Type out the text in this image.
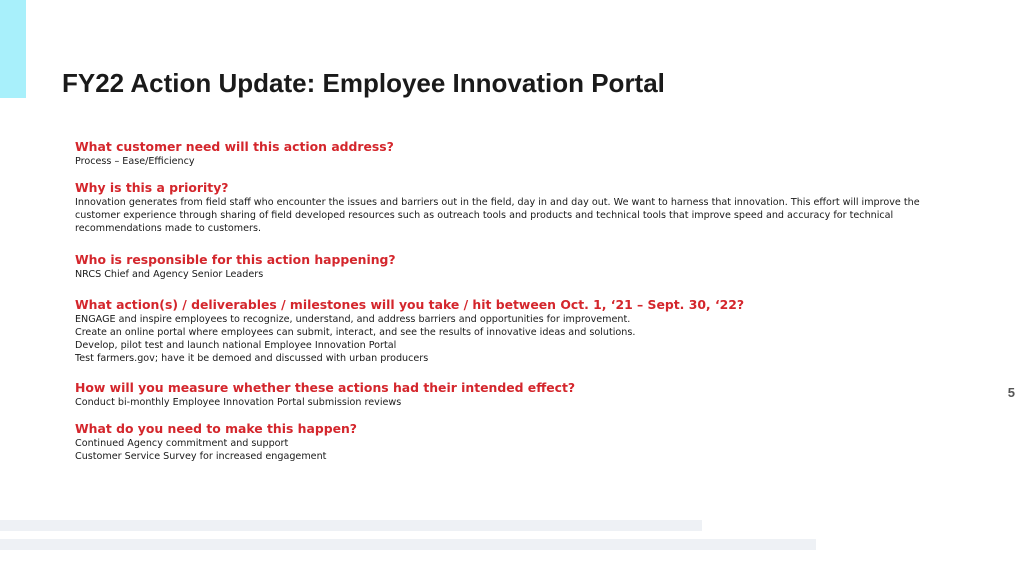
FY22 Action Update: Employee Innovation Portal
What customer need will this action address?
Process – Ease/Efficiency
Why is this a priority?
Innovation generates from field staff who encounter the issues and barriers out in the field, day in and day out. We want to harness that innovation. This effort will improve the customer experience through sharing of field developed resources such as outreach tools and products and technical tools that improve speed and accuracy for technical recommendations made to customers.
Who is responsible for this action happening?
NRCS Chief and Agency Senior Leaders
What action(s) / deliverables / milestones will you take / hit between Oct. 1, ‘21 – Sept. 30, ‘22?
ENGAGE and inspire employees to recognize, understand, and address barriers and opportunities for improvement.
Create an online portal where employees can submit, interact, and see the results of innovative ideas and solutions.
Develop, pilot test and launch national Employee Innovation Portal
Test farmers.gov; have it be demoed and discussed with urban producers
How will you measure whether these actions had their intended effect?
Conduct bi-monthly Employee Innovation Portal submission reviews
What do you need to make this happen?
Continued Agency commitment and support
Customer Service Survey for increased engagement
5
